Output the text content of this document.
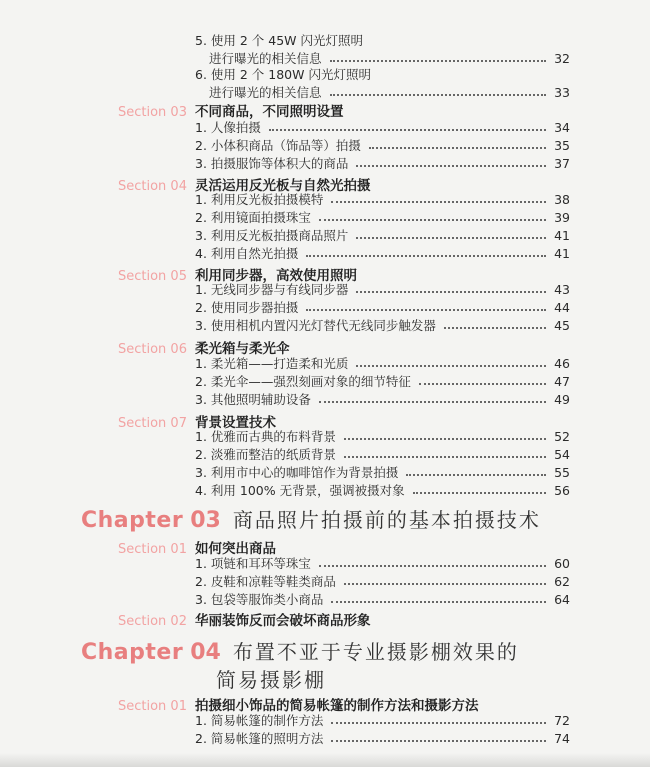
5. 使用 2 个 45W 闪光灯照明
进行曝光的相关信息	32
6. 使用 2 个 180W 闪光灯照明
进行曝光的相关信息	33
Section 03 不同商品，不同照明设置
1. 人像拍摄	34
2. 小体积商品（饰品等）拍摄	35
3. 拍摄服饰等体积大的商品	37
Section 04 灵活运用反光板与自然光拍摄
1. 利用反光板拍摄模特	38
2. 利用镜面拍摄珠宝	39
3. 利用反光板拍摄商品照片	41
4. 利用自然光拍摄	41
Section 05 利用同步器，高效使用照明
1. 无线同步器与有线同步器	43
2. 使用同步器拍摄	44
3. 使用相机内置闪光灯替代无线同步触发器	45
Section 06 柔光箱与柔光伞
1. 柔光箱——打造柔和光质	46
2. 柔光伞——强烈刻画对象的细节特征	47
3. 其他照明辅助设备	49
Section 07 背景设置技术
1. 优雅而古典的布料背景	52
2. 淡雅而整洁的纸质背景	54
3. 利用市中心的咖啡馆作为背景拍摄	55
4. 利用 100% 无背景，强调被摄对象	56
Chapter 03 商品照片拍摄前的基本拍摄技术
Section 01 如何突出商品
1. 项链和耳环等珠宝	60
2. 皮鞋和凉鞋等鞋类商品	62
3. 包袋等服饰类小商品	64
Section 02 华丽装饰反而会破坏商品形象
Chapter 04 布置不亚于专业摄影棚效果的
简易摄影棚
Section 01 拍摄细小饰品的简易帐篷的制作方法和摄影方法
1. 简易帐篷的制作方法	72
2. 简易帐篷的照明方法	74
